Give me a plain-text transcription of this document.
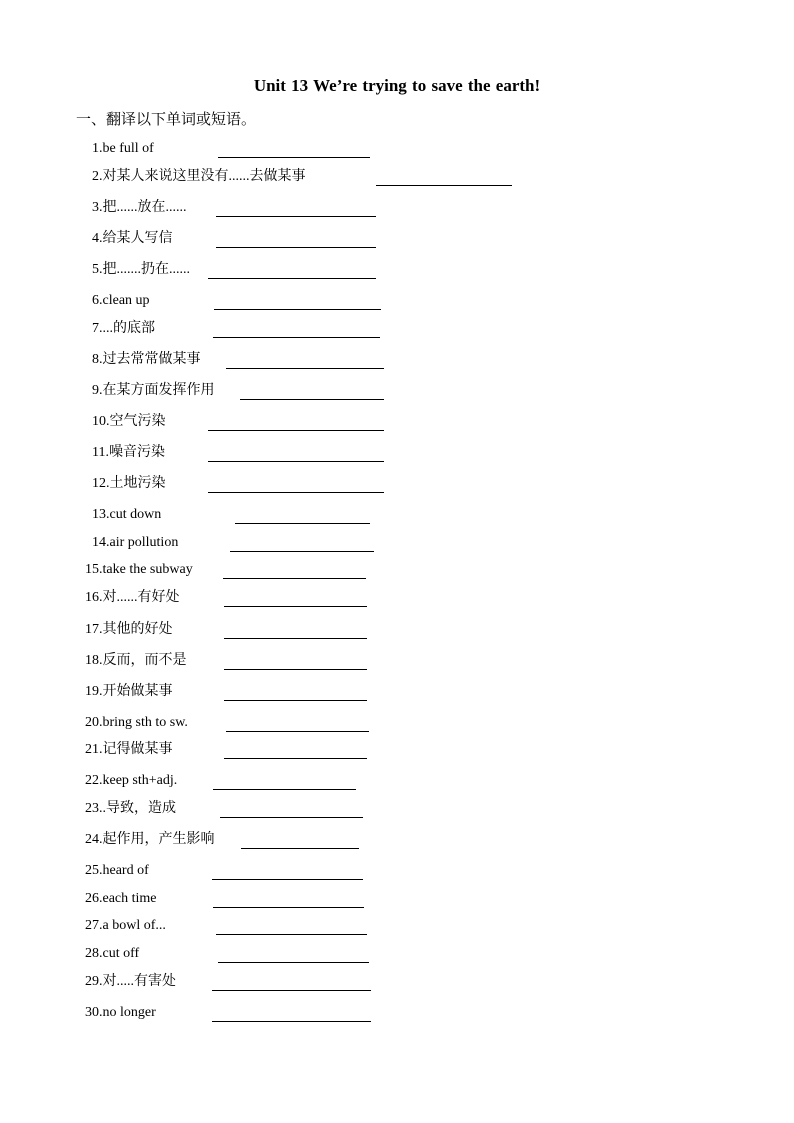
Unit 13 We’re trying to save the earth!
一、翻译以下单词或短语。
1.be full of
2.对某人来说这里没有......去做某事
3.把......放在......
4.给某人写信
5.把.......扔在......
6.clean up
7....的底部
8.过去常常做某事
9.在某方面发挥作用
10.空气污染
11.噪音污染
12.土地污染
13.cut down
14.air pollution
15.take the subway
16.对......有好处
17.其他的好处
18.反而，而不是
19.开始做某事
20.bring sth to sw.
21.记得做某事
22.keep sth+adj.
23..导致，造成
24.起作用，产生影响
25.heard of
26.each time
27.a bowl of...
28.cut off
29.对.....有害处
30.no longer
